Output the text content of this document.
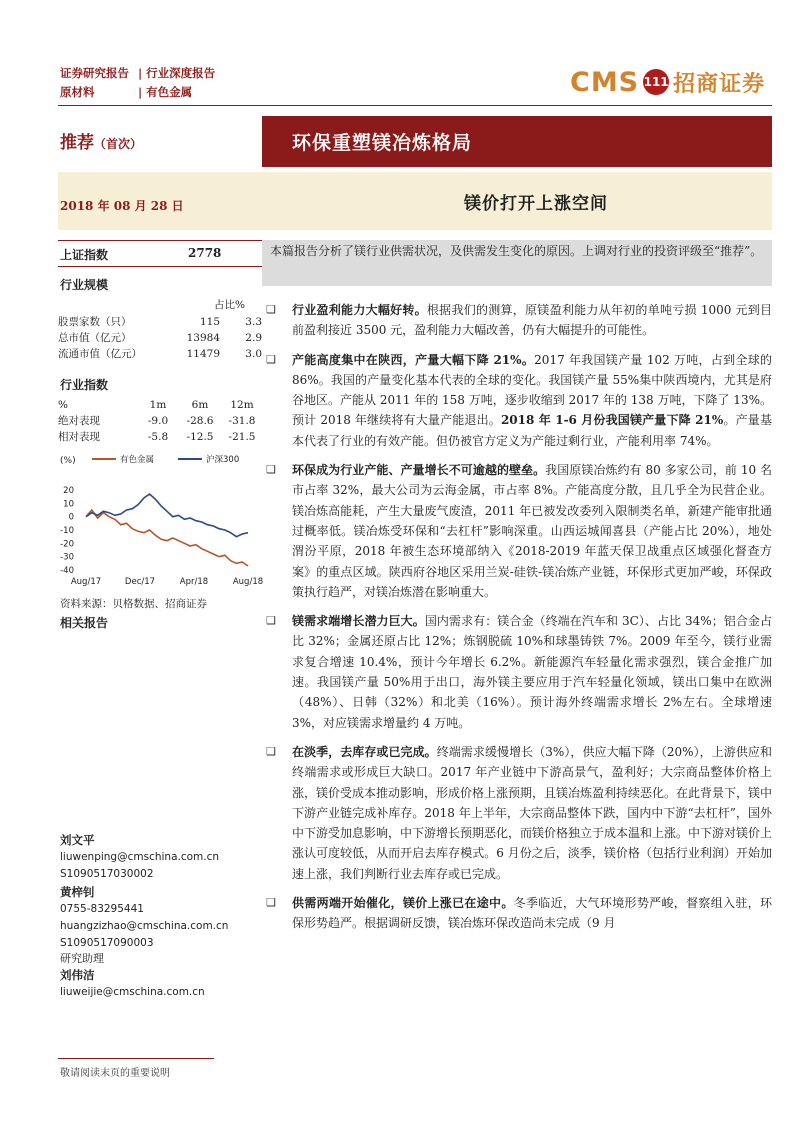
证券研究报告 | 行业深度报告
原材料	| 有色金属	CMS 111 招商证券
推荐（首次）	环保重塑镁冶炼格局
2018 年 08 月 28 日	镁价打开上涨空间
上证指数	2778
行业规模
占比%
股票家数（只）	115	3.3
总市值（亿元）	13984	2.9
流通市值（亿元）	11479	3.0
行业指数
%	1m	6m	12m
绝对表现	-9.0	-28.6	-31.8
相对表现	-5.8	-12.5	-21.5
(%)	有色金属	沪深300
20
10
0
-10
-20
-30
-40
Aug/17	Dec/17	Apr/18	Aug/18
资料来源：贝格数据、招商证券
相关报告
刘文平
liuwenping@cmschina.com.cn
S1090517030002
黄梓钊
0755-83295441
huangzizhao@cmschina.com.cn
S1090517090003
研究助理
刘伟洁
liuweijie@cmschina.com.cn
本篇报告分析了镁行业供需状况，及供需发生变化的原因。上调对行业的投资评级至“推荐”。
❑	行业盈利能力大幅好转。根据我们的测算，原镁盈利能力从年初的单吨亏损 1000 元到目前盈利接近 3500 元，盈利能力大幅改善，仍有大幅提升的可能性。
❑	产能高度集中在陕西，产量大幅下降 21%。2017 年我国镁产量 102 万吨，占到全球的 86%。我国的产量变化基本代表的全球的变化。我国镁产量 55%集中陕西境内，尤其是府谷地区。产能从 2011 年的 158 万吨，逐步收缩到 2017 年的 138 万吨，下降了 13%。预计 2018 年继续将有大量产能退出。2018 年 1-6 月份我国镁产量下降 21%。产量基本代表了行业的有效产能。但仍被官方定义为产能过剩行业，产能利用率 74%。
❑	环保成为行业产能、产量增长不可逾越的壁垒。我国原镁冶炼约有 80 多家公司，前 10 名市占率 32%，最大公司为云海金属，市占率 8%。产能高度分散，且几乎全为民营企业。镁冶炼高能耗，产生大量废气废渣，2011 年已被发改委列入限制类名单，新建产能审批通过概率低。镁冶炼受环保和“去杠杆”影响深重。山西运城闻喜县（产能占比 20%），地处渭汾平原，2018 年被生态环境部纳入《2018-2019 年蓝天保卫战重点区域强化督查方案》的重点区域。陕西府谷地区采用兰炭-硅铁-镁冶炼产业链，环保形式更加严峻，环保政策执行趋严，对镁冶炼潜在影响重大。
❑	镁需求端增长潜力巨大。国内需求有：镁合金（终端在汽车和 3C）、占比 34%；铝合金占比 32%；金属还原占比 12%；炼钢脱硫 10%和球墨铸铁 7%。2009 年至今，镁行业需求复合增速 10.4%，预计今年增长 6.2%。新能源汽车轻量化需求强烈，镁合金推广加速。我国镁产量 50%用于出口，海外镁主要应用于汽车轻量化领域，镁出口集中在欧洲（48%）、日韩（32%）和北美（16%）。预计海外终端需求增长 2%左右。全球增速 3%，对应镁需求增量约 4 万吨。
❑	在淡季，去库存或已完成。终端需求缓慢增长（3%），供应大幅下降（20%），上游供应和终端需求或形成巨大缺口。2017 年产业链中下游高景气，盈利好；大宗商品整体价格上涨，镁价受成本推动影响，形成价格上涨预期，且镁冶炼盈利持续恶化。在此背景下，镁中下游产业链完成补库存。2018 年上半年，大宗商品整体下跌，国内中下游“去杠杆”，国外中下游受加息影响，中下游增长预期恶化，而镁价格独立于成本温和上涨。中下游对镁价上涨认可度较低，从而开启去库存模式。6 月份之后，淡季，镁价格（包括行业利润）开始加速上涨，我们判断行业去库存或已完成。
❑	供需两端开始催化，镁价上涨已在途中。冬季临近，大气环境形势严峻，督察组入驻，环保形势趋严。根据调研反馈，镁冶炼环保改造尚未完成（9 月
敬请阅读末页的重要说明
